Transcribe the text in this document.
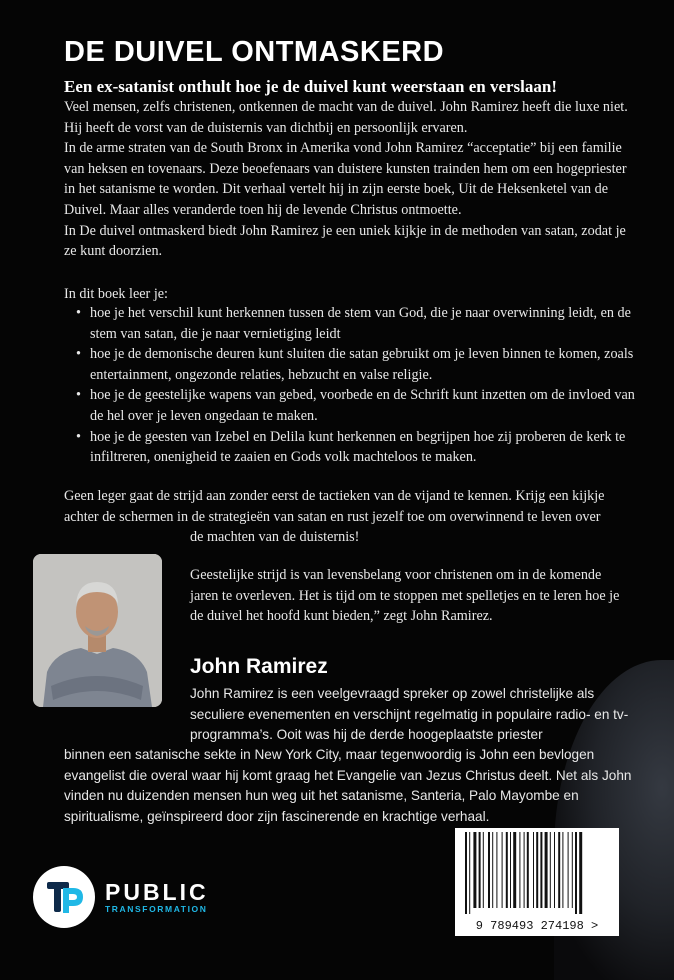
DE DUIVEL ONTMASKERD
Een ex-satanist onthult hoe je de duivel kunt weerstaan en verslaan!
Veel mensen, zelfs christenen, ontkennen de macht van de duivel. John Ramirez heeft die luxe niet. Hij heeft de vorst van de duisternis van dichtbij en persoonlijk ervaren.
In de arme straten van de South Bronx in Amerika vond John Ramirez “acceptatie” bij een familie van heksen en tovenaars. Deze beoefenaars van duistere kunsten trainden hem om een hogepriester in het satanisme te worden. Dit verhaal vertelt hij in zijn eerste boek, Uit de Heksenketel van de Duivel. Maar alles veranderde toen hij de levende Christus ontmoette.
In De duivel ontmaskerd biedt John Ramirez je een uniek kijkje in de methoden van satan, zodat je ze kunt doorzien.
In dit boek leer je:
• hoe je het verschil kunt herkennen tussen de stem van God, die je naar overwinning leidt, en de stem van satan, die je naar vernietiging leidt
• hoe je de demonische deuren kunt sluiten die satan gebruikt om je leven binnen te komen, zoals entertainment, ongezonde relaties, hebzucht en valse religie.
• hoe je de geestelijke wapens van gebed, voorbede en de Schrift kunt inzetten om de invloed van de hel over je leven ongedaan te maken.
• hoe je de geesten van Izebel en Delila kunt herkennen en begrijpen hoe zij proberen de kerk te infiltreren, onenigheid te zaaien en Gods volk machteloos te maken.
Geen leger gaat de strijd aan zonder eerst de tactieken van de vijand te kennen. Krijg een kijkje achter de schermen in de strategieën van satan en rust jezelf toe om overwinnend te leven over
de machten van de duisternis!
Geestelijke strijd is van levensbelang voor christenen om in de komende jaren te overleven. Het is tijd om te stoppen met spelletjes en te leren hoe je de duivel het hoofd kunt bieden,” zegt John Ramirez.
John Ramirez
John Ramirez is een veelgevraagd spreker op zowel christelijke als seculiere evenementen en verschijnt regelmatig in populaire radio- en tv-programma’s. Ooit was hij de derde hoogeplaatste priester
binnen een satanische sekte in New York City, maar tegenwoordig is John een bevlogen evangelist die overal waar hij komt graag het Evangelie van Jezus Christus deelt. Net als John vinden nu duizenden mensen hun weg uit het satanisme, Santeria, Palo Mayombe en spiritualisme, geïnspireerd door zijn fascinerende en krachtige verhaal.
PUBLIC
TRANSFORMATION
9 789493 274198 >
